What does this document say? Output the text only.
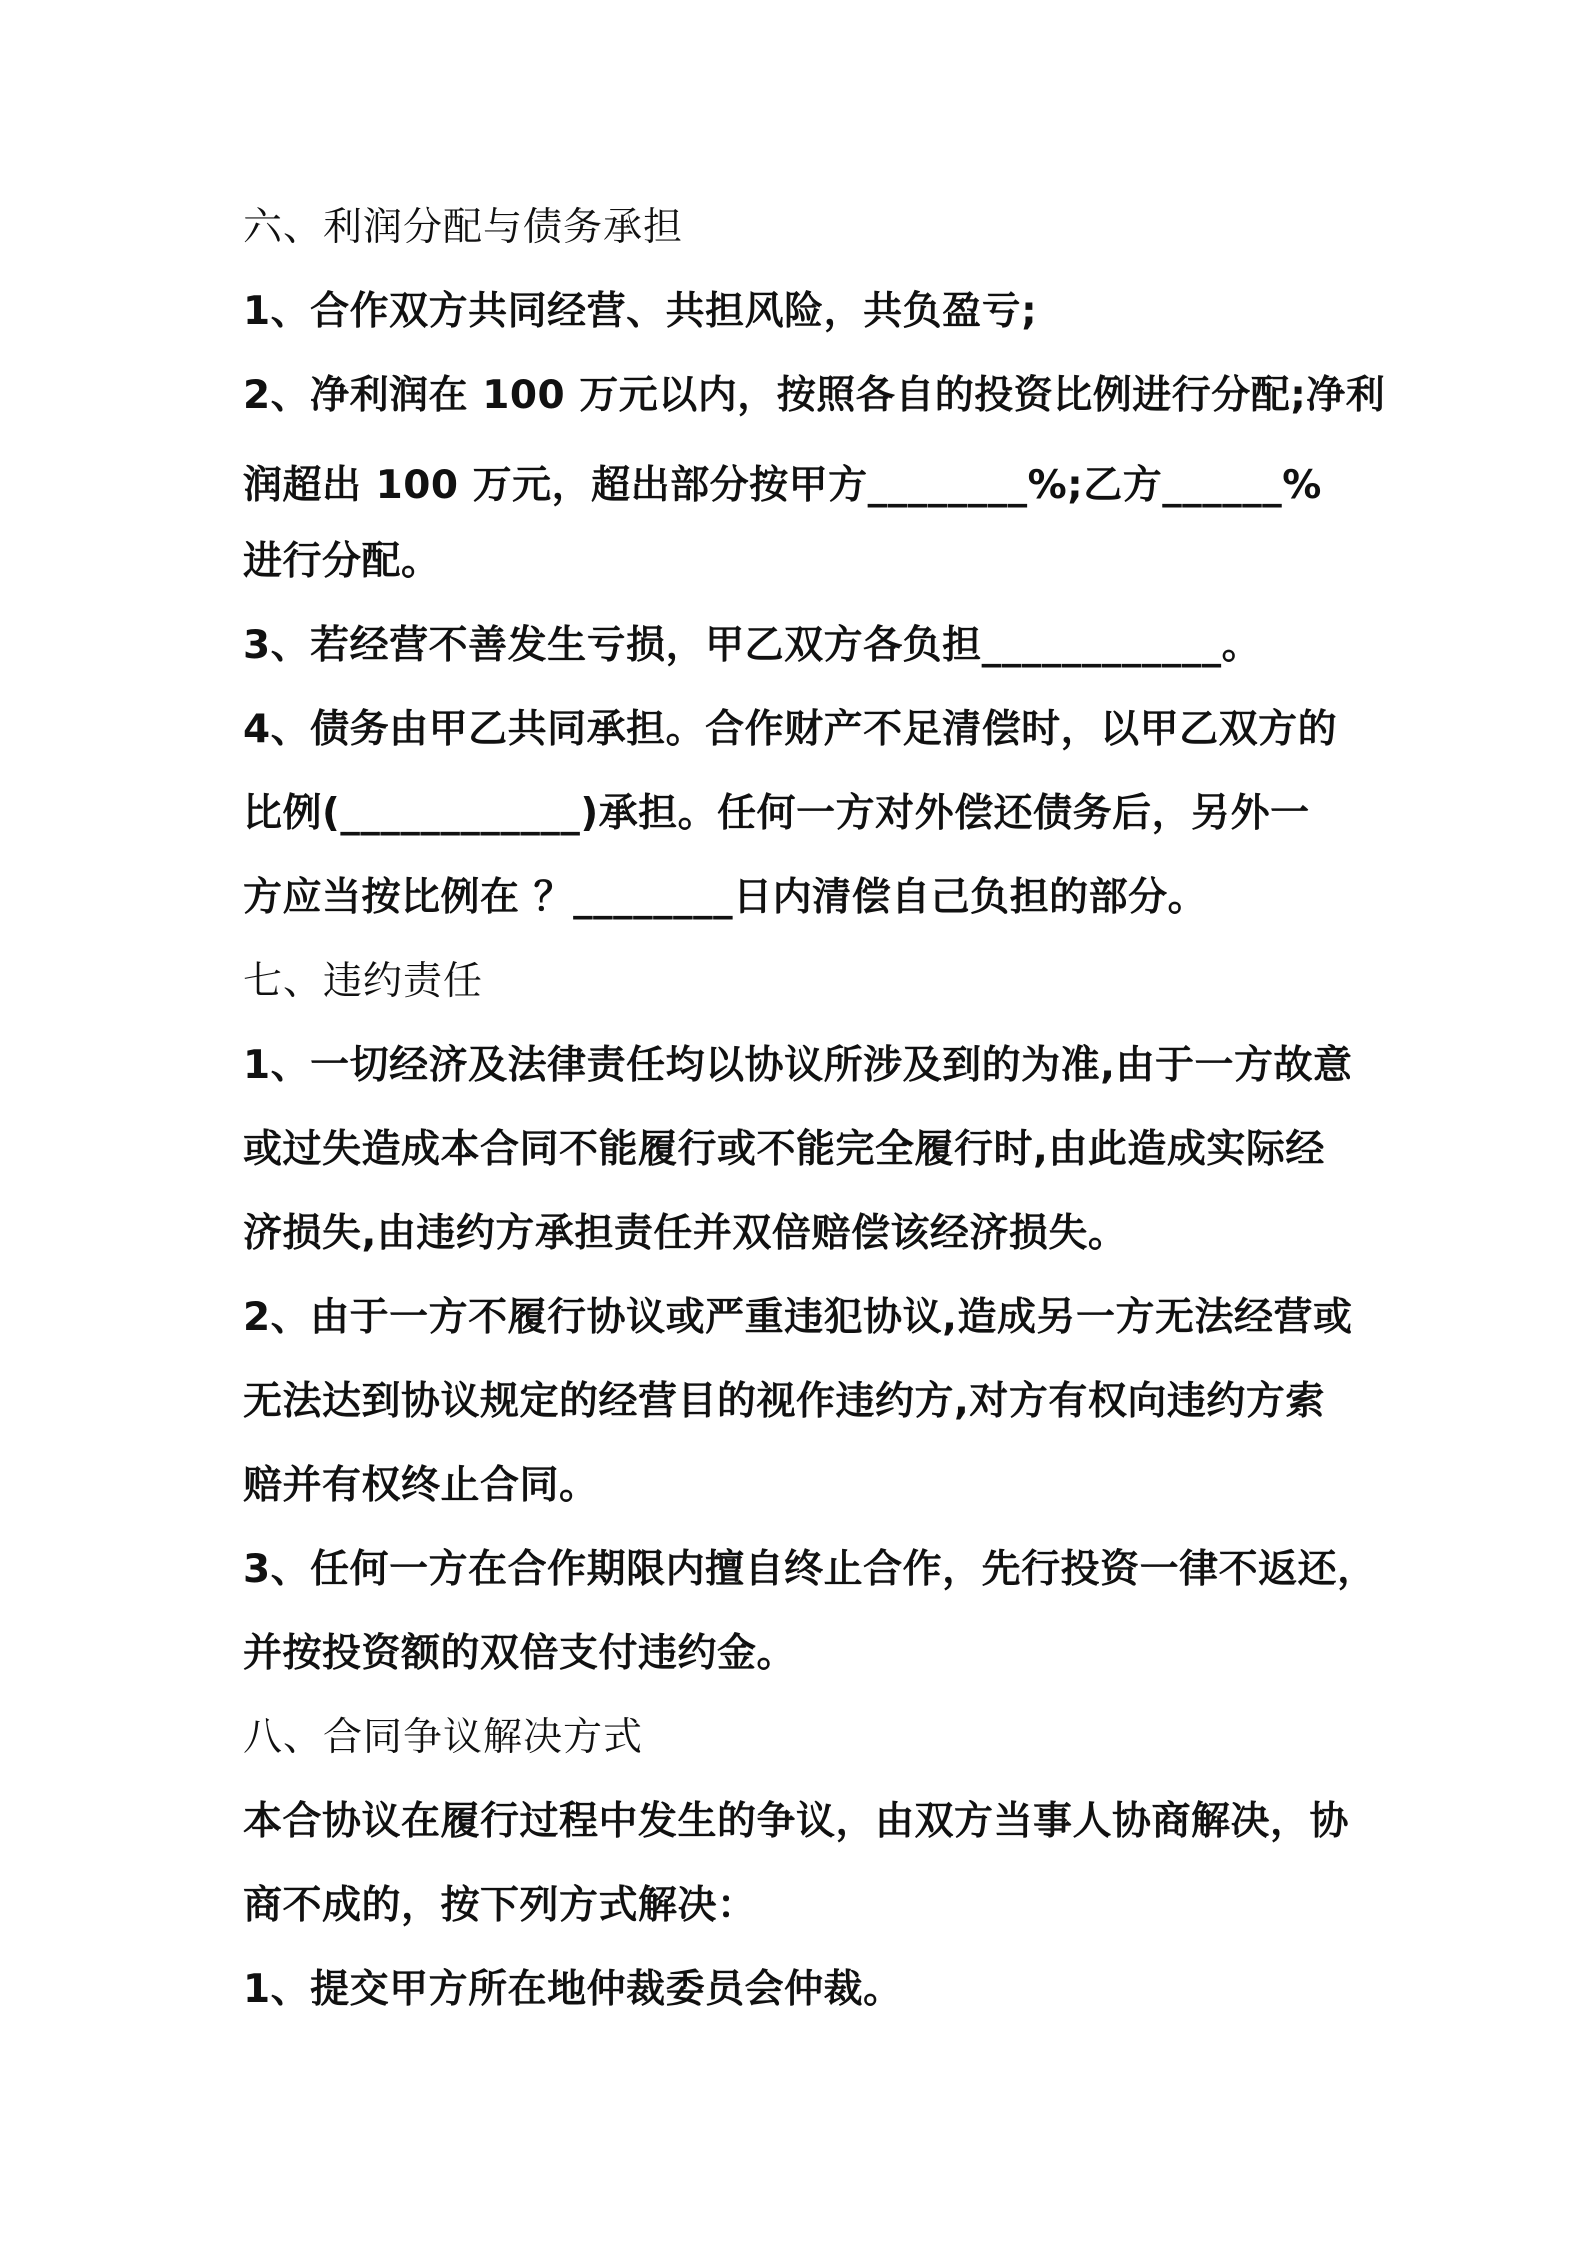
六、利润分配与债务承担

1、合作双方共同经营、共担风险，共负盈亏;

2、净利润在 100 万元以内，按照各自的投资比例进行分配;净利

润超出 100 万元，超出部分按甲方________%;乙方______%

进行分配。

3、若经营不善发生亏损，甲乙双方各负担____________。

4、债务由甲乙共同承担。合作财产不足清偿时，以甲乙双方的

比例(____________)承担。任何一方对外偿还债务后，另外一

方应当按比例在 ？________日内清偿自己负担的部分。

七、违约责任

1、一切经济及法律责任均以协议所涉及到的为准,由于一方故意

或过失造成本合同不能履行或不能完全履行时,由此造成实际经

济损失,由违约方承担责任并双倍赔偿该经济损失。

2、由于一方不履行协议或严重违犯协议,造成另一方无法经营或

无法达到协议规定的经营目的视作违约方,对方有权向违约方索

赔并有权终止合同。

3、任何一方在合作期限内擅自终止合作，先行投资一律不返还，

并按投资额的双倍支付违约金。

八、合同争议解决方式

本合协议在履行过程中发生的争议，由双方当事人协商解决，协

商不成的，按下列方式解决：

1、提交甲方所在地仲裁委员会仲裁。
